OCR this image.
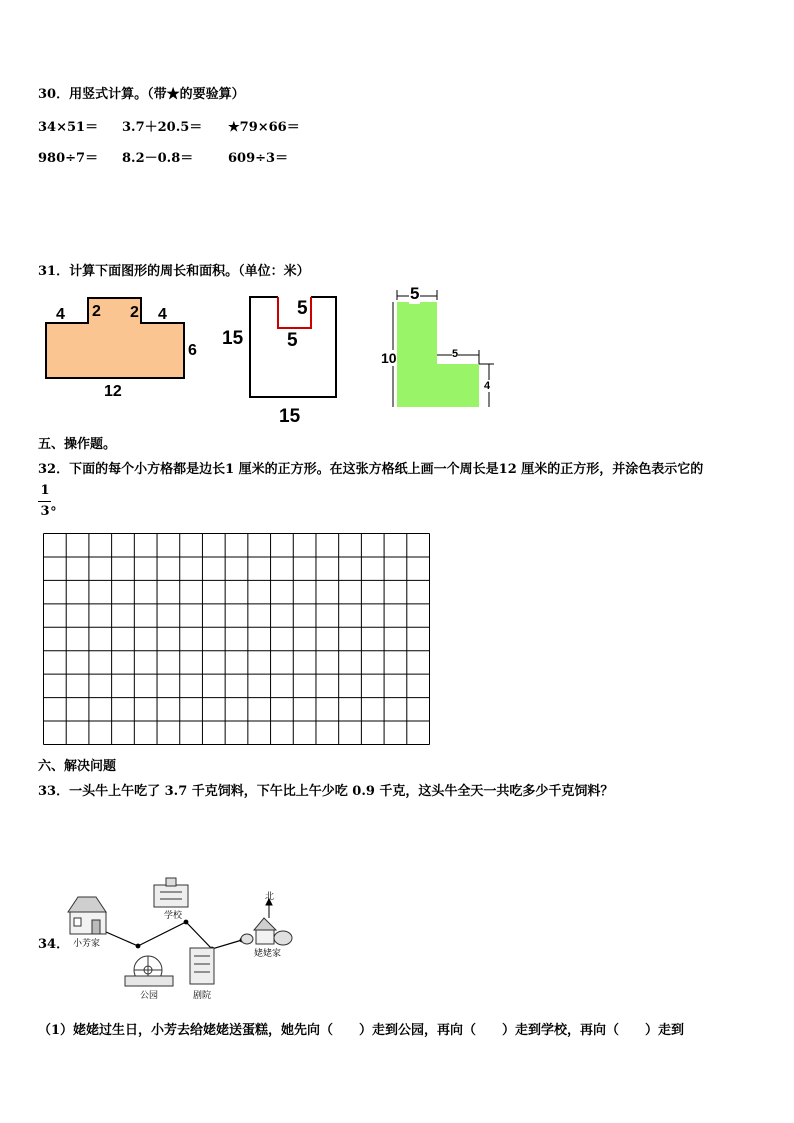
30．用竖式计算。（带★的要验算）
34×51＝ 3.7＋20.5＝ ★79×66＝
980÷7＝ 8.2－0.8＝	609÷3＝
31．计算下面图形的周长和面积。（单位：米）
4 2 2 4
6
12
5
5
15
15
5
10	5
4
五、操作题。
32．下面的每个小方格都是边长1 厘米的正方形。在这张方格纸上画一个周长是12 厘米的正方形，并涂色表示它的
1
3 。
六、解决问题
33．一头牛上午吃了 3.7 千克饲料，下午比上午少吃 0.9 千克，这头牛全天一共吃多少千克饲料？
34． 小芳家
学校
公园	剧院
姥姥家
北
（1）姥姥过生日，小芳去给姥姥送蛋糕，她先向（　　）走到公园，再向（　　）走到学校，再向（　　）走到
